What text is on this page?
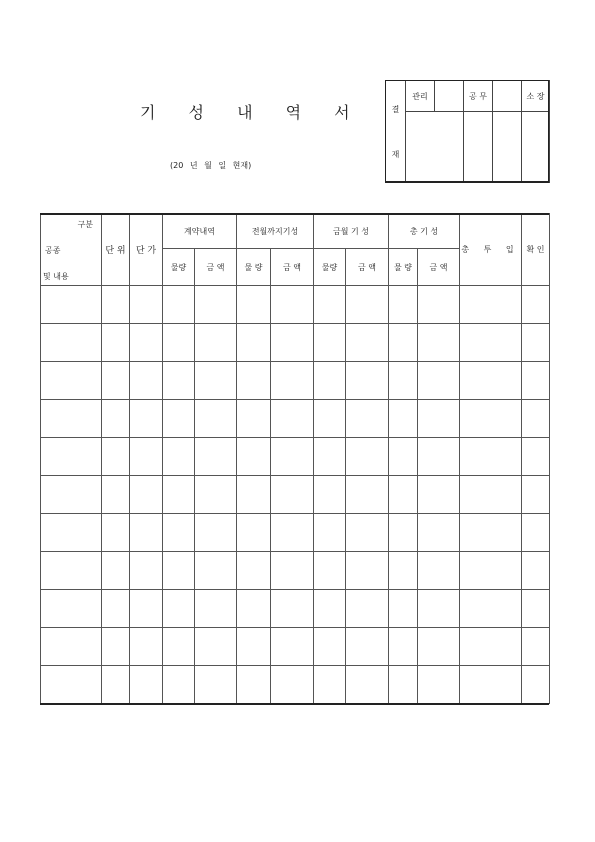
기 성 내 역 서
(20 년 월 일 현재)
결
재	관리		공 무		소 장

구분
공종
및 내용	단 위	단 가	계약내역		전월까지기성		금월 기 성		총 기 성		총 투 입	확 인
			물량	금 액	물 량	금 액	물량	금 액	물 량	금 액		
